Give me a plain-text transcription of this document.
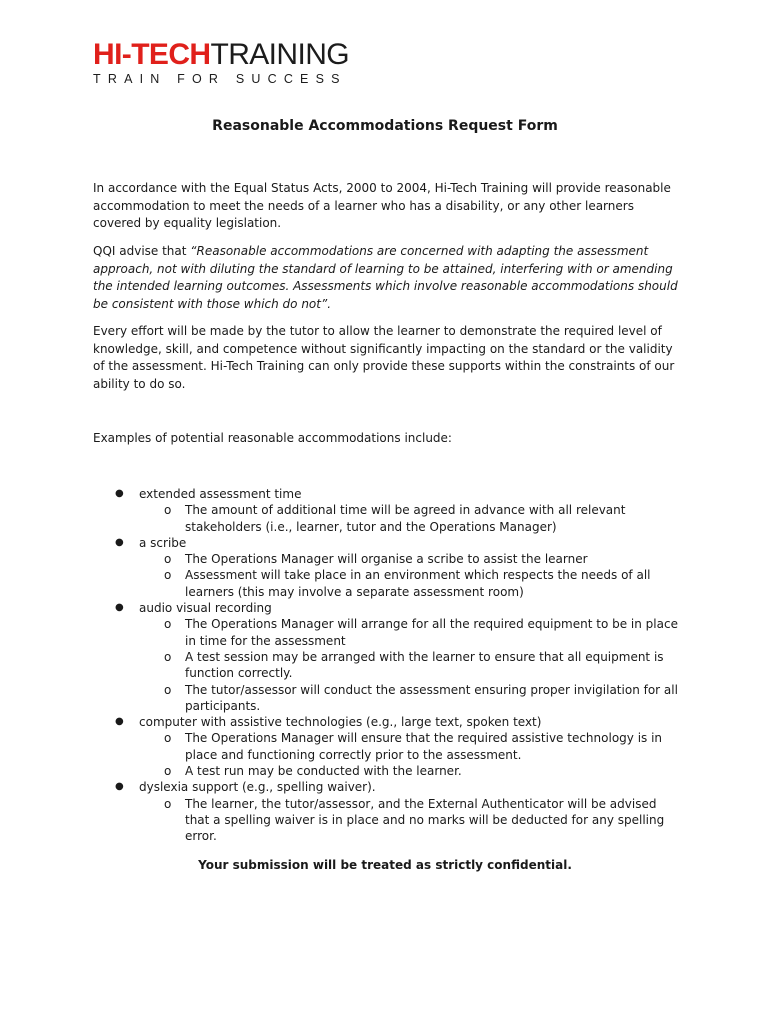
HI-TECHTRAINING
TRAIN FOR SUCCESS
Reasonable Accommodations Request Form

In accordance with the Equal Status Acts, 2000 to 2004, Hi-Tech Training will provide reasonable accommodation to meet the needs of a learner who has a disability, or any other learners covered by equality legislation.

QQI advise that “Reasonable accommodations are concerned with adapting the assessment approach, not with diluting the standard of learning to be attained, interfering with or amending the intended learning outcomes. Assessments which involve reasonable accommodations should be consistent with those which do not”.

Every effort will be made by the tutor to allow the learner to demonstrate the required level of knowledge, skill, and competence without significantly impacting on the standard or the validity of the assessment. Hi-Tech Training can only provide these supports within the constraints of our ability to do so.

Examples of potential reasonable accommodations include:

● extended assessment time
o The amount of additional time will be agreed in advance with all relevant stakeholders (i.e., learner, tutor and the Operations Manager)
● a scribe
o The Operations Manager will organise a scribe to assist the learner
o Assessment will take place in an environment which respects the needs of all learners (this may involve a separate assessment room)
● audio visual recording
o The Operations Manager will arrange for all the required equipment to be in place in time for the assessment
o A test session may be arranged with the learner to ensure that all equipment is function correctly.
o The tutor/assessor will conduct the assessment ensuring proper invigilation for all participants.
● computer with assistive technologies (e.g., large text, spoken text)
o The Operations Manager will ensure that the required assistive technology is in place and functioning correctly prior to the assessment.
o A test run may be conducted with the learner.
● dyslexia support (e.g., spelling waiver).
o The learner, the tutor/assessor, and the External Authenticator will be advised that a spelling waiver is in place and no marks will be deducted for any spelling error.

Your submission will be treated as strictly confidential.
